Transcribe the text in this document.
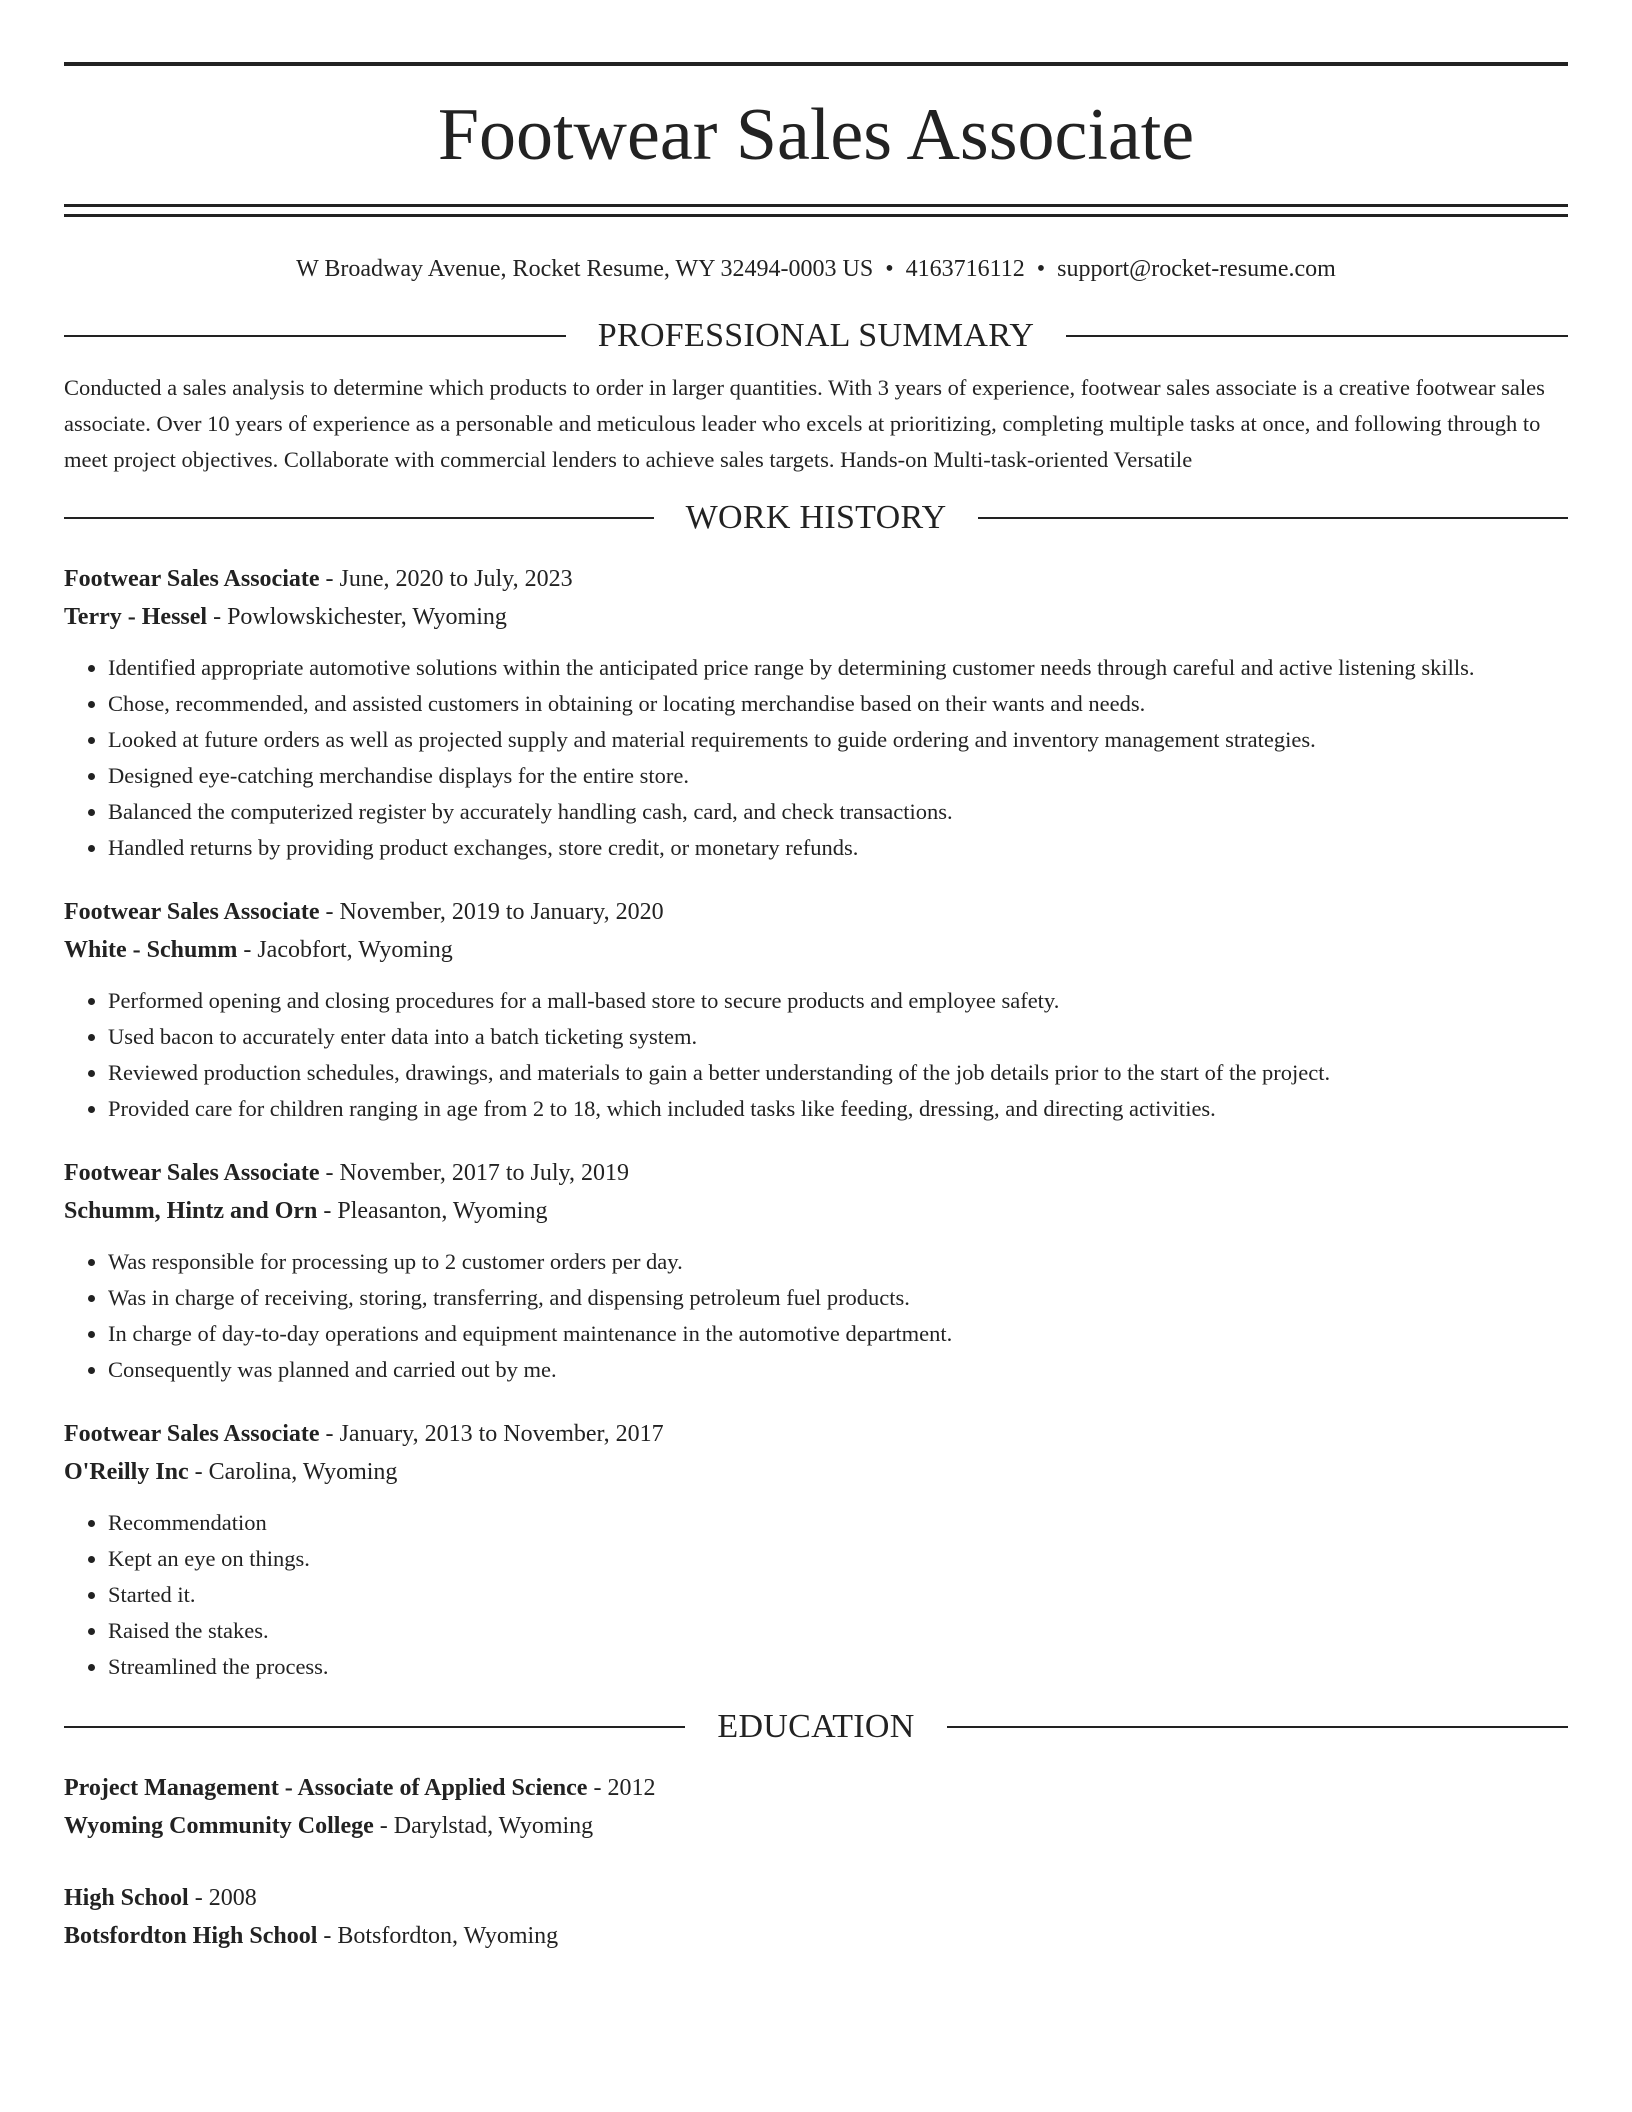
Footwear Sales Associate
W Broadway Avenue, Rocket Resume, WY 32494-0003 US • 4163716112 • support@rocket-resume.com
PROFESSIONAL SUMMARY

Conducted a sales analysis to determine which products to order in larger quantities. With 3 years of experience, footwear sales associate is a creative footwear sales associate. Over 10 years of experience as a personable and meticulous leader who excels at prioritizing, completing multiple tasks at once, and following through to meet project objectives. Collaborate with commercial lenders to achieve sales targets. Hands-on Multi-task-oriented Versatile

WORK HISTORY
Footwear Sales Associate - June, 2020 to July, 2023
Terry - Hessel - Powlowskichester, Wyoming
• Identified appropriate automotive solutions within the anticipated price range by determining customer needs through careful and active listening skills.
• Chose, recommended, and assisted customers in obtaining or locating merchandise based on their wants and needs.
• Looked at future orders as well as projected supply and material requirements to guide ordering and inventory management strategies.
• Designed eye-catching merchandise displays for the entire store.
• Balanced the computerized register by accurately handling cash, card, and check transactions.
• Handled returns by providing product exchanges, store credit, or monetary refunds.
Footwear Sales Associate - November, 2019 to January, 2020
White - Schumm - Jacobfort, Wyoming
• Performed opening and closing procedures for a mall-based store to secure products and employee safety.
• Used bacon to accurately enter data into a batch ticketing system.
• Reviewed production schedules, drawings, and materials to gain a better understanding of the job details prior to the start of the project.
• Provided care for children ranging in age from 2 to 18, which included tasks like feeding, dressing, and directing activities.
Footwear Sales Associate - November, 2017 to July, 2019
Schumm, Hintz and Orn - Pleasanton, Wyoming
• Was responsible for processing up to 2 customer orders per day.
• Was in charge of receiving, storing, transferring, and dispensing petroleum fuel products.
• In charge of day-to-day operations and equipment maintenance in the automotive department.
• Consequently was planned and carried out by me.
Footwear Sales Associate - January, 2013 to November, 2017
O'Reilly Inc - Carolina, Wyoming
• Recommendation
• Kept an eye on things.
• Started it.
• Raised the stakes.
• Streamlined the process.
EDUCATION
Project Management - Associate of Applied Science - 2012
Wyoming Community College - Darylstad, Wyoming
High School - 2008
Botsfordton High School - Botsfordton, Wyoming
